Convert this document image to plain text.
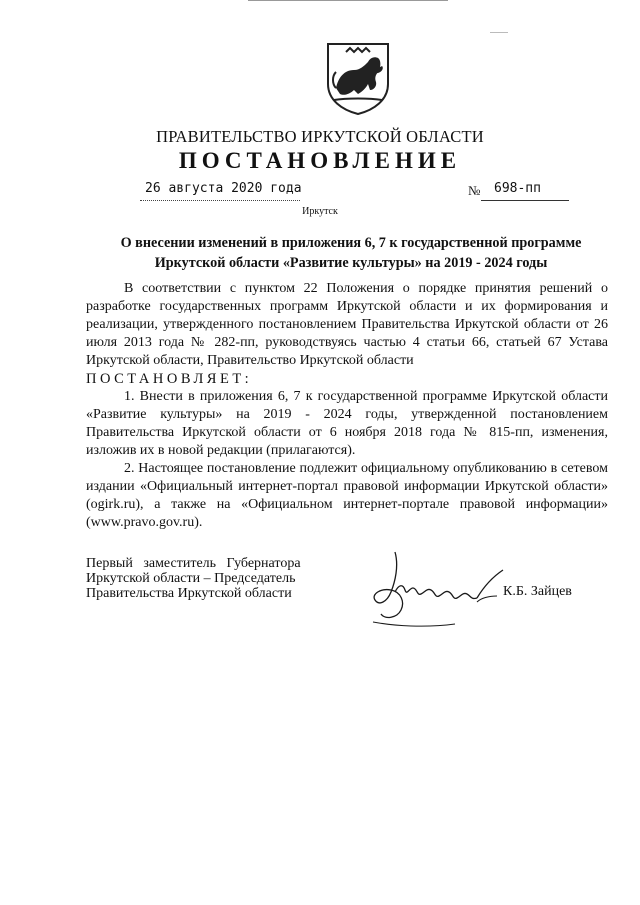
ПРАВИТЕЛЬСТВО ИРКУТСКОЙ ОБЛАСТИ
ПОСТАНОВЛЕНИЕ
26 августа 2020 года	№ 698-пп
Иркутск
О внесении изменений в приложения 6, 7 к государственной программе Иркутской области «Развитие культуры» на 2019 - 2024 годы

В соответствии с пунктом 22 Положения о порядке принятия решений о разработке государственных программ Иркутской области и их формирования и реализации, утвержденного постановлением Правительства Иркутской области от 26 июля 2013 года № 282-пп, руководствуясь частью 4 статьи 66, статьей 67 Устава Иркутской области, Правительство Иркутской области

ПОСТАНОВЛЯЕТ:

1. Внести в приложения 6, 7 к государственной программе Иркутской области «Развитие культуры» на 2019 - 2024 годы, утвержденной постановлением Правительства Иркутской области от 6 ноября 2018 года № 815-пп, изменения, изложив их в новой редакции (прилагаются).

2. Настоящее постановление подлежит официальному опубликованию в сетевом издании «Официальный интернет-портал правовой информации Иркутской области» (ogirk.ru), а также на «Официальном интернет-портале правовой информации» (www.pravo.gov.ru).

Первый заместитель Губернатора
Иркутской области – Председатель
Правительства Иркутской области	К.Б. Зайцев
